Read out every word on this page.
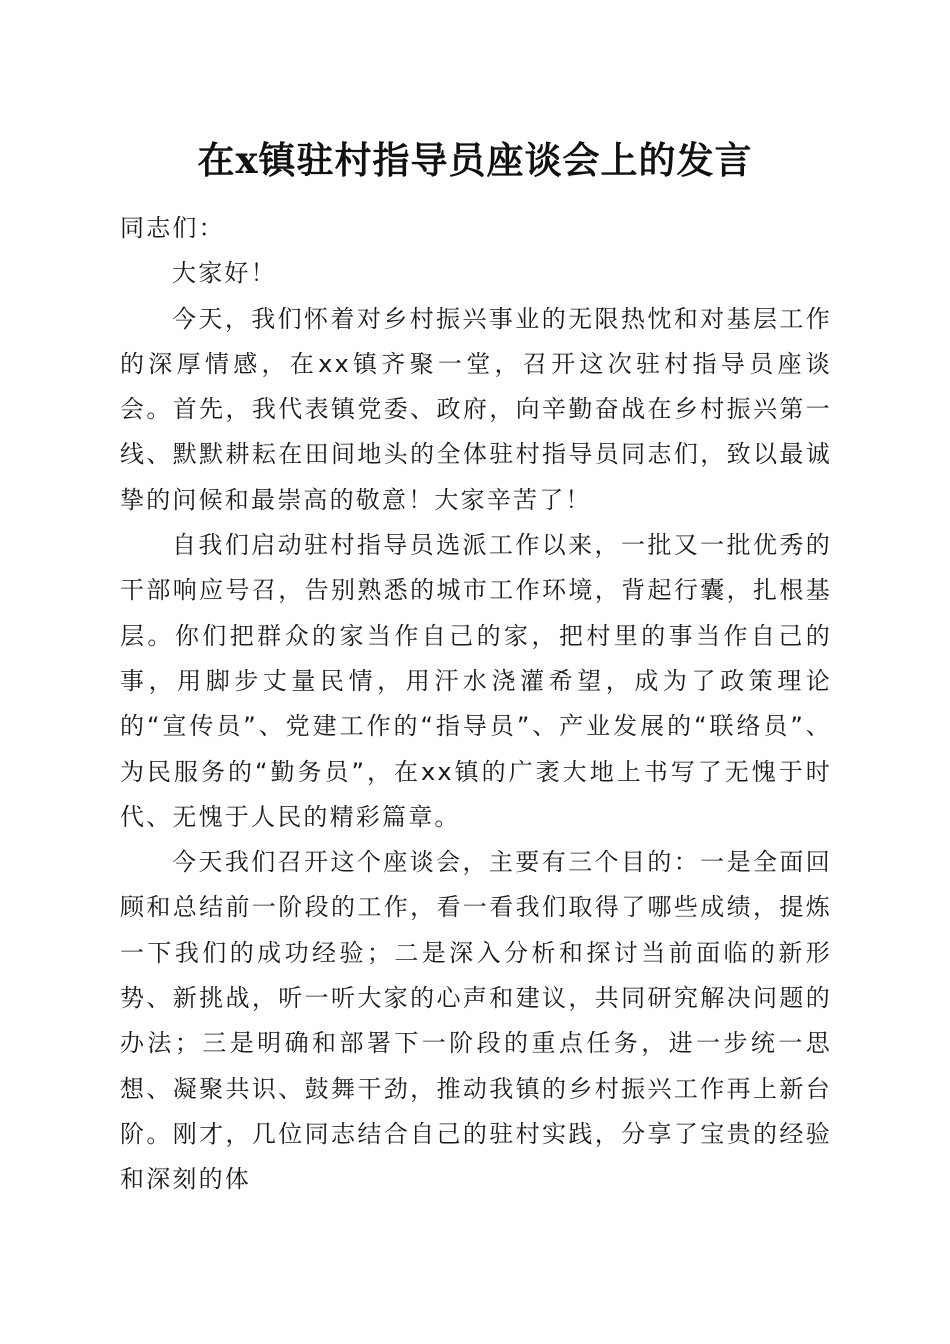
在x镇驻村指导员座谈会上的发言

同志们：

大家好！

今天，我们怀着对乡村振兴事业的无限热忱和对基层工作的深厚情感，在xx镇齐聚一堂，召开这次驻村指导员座谈会。首先，我代表镇党委、政府，向辛勤奋战在乡村振兴第一线、默默耕耘在田间地头的全体驻村指导员同志们，致以最诚挚的问候和最崇高的敬意！大家辛苦了！

自我们启动驻村指导员选派工作以来，一批又一批优秀的干部响应号召，告别熟悉的城市工作环境，背起行囊，扎根基层。你们把群众的家当作自己的家，把村里的事当作自己的事，用脚步丈量民情，用汗水浇灌希望，成为了政策理论的“宣传员”、党建工作的“指导员”、产业发展的“联络员”、为民服务的“勤务员”，在xx镇的广袤大地上书写了无愧于时代、无愧于人民的精彩篇章。

今天我们召开这个座谈会，主要有三个目的：一是全面回顾和总结前一阶段的工作，看一看我们取得了哪些成绩，提炼一下我们的成功经验；二是深入分析和探讨当前面临的新形势、新挑战，听一听大家的心声和建议，共同研究解决问题的办法；三是明确和部署下一阶段的重点任务，进一步统一思想、凝聚共识、鼓舞干劲，推动我镇的乡村振兴工作再上新台阶。刚才，几位同志结合自己的驻村实践，分享了宝贵的经验和深刻的体
